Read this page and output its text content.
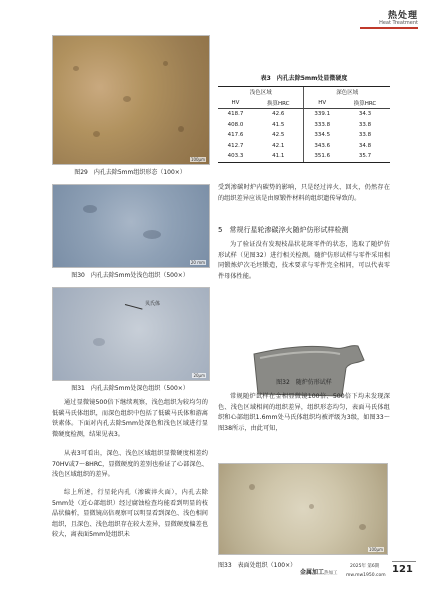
热处理
Heat Treatment
100μm
图29　内孔去除5mm组织形态（100×）
20 mm
图30　内孔去除5mm处浅色组织（500×）
贝氏体
20μm
图31　内孔去除5mm处深色组织（500×）
通过显微镜500倍下继续观察，浅色组织为较均匀的低碳马氏体组织，而深色组织中包括了低碳马氏体和游离铁素体。下面对内孔去除5mm处深色和浅色区域进行显微硬度检测，结果见表3。
从表3可看出，深色、浅色区域组织显微硬度相差约70HV或7～8HRC，显微硬度的差别也验证了心部深色、浅色区域组织的差异。
综上所述，行星轮内孔（渗碳淬火面），内孔去除5mm处（近心部组织）经过腐蚀检查均能看到明显的枝晶状偏析，显微镜高倍观察可以明显看到深色、浅色相间组织，且深色、浅色组织存在较大差异，显微硬度偏差也较大，离表面5mm处组织未
表3　内孔去除5mm处显微硬度
浅色区域		深色区域	
HV	换算HRC	HV	换算HRC
418.7	42.6	339.1	34.3
408.0	41.5	333.8	33.8
417.6	42.5	334.5	33.8
412.7	42.1	343.6	34.8
403.3	41.1	351.6	35.7
受到渗碳时炉内碳势的影响，只是经过淬火、回火，仍然存在的组织差异应该是由原锻件材料的组织遗传导致的。
5　常规行星轮渗碳淬火随炉仿形试样检测
为了验证没有发现枝晶状花斑零件的状态，选取了随炉仿形试样（见图32）进行相关检测。随炉仿形试样与零件采用相同锻炼炉次毛坯锻造，技术要求与零件完全相同，可以代表零件母体性能。
图32　随炉仿形试样
常规随炉试样在金相显微镜100倍、500倍下均未发现深色、浅色区域相间的组织差异，组织形态均匀，表面马氏体组织和心部组织1.6mm处马氏体组织均被评级为3级，如图33～图38所示，由此可知，
100μm
图33　表面处组织（100×）
金属加工热加工
2025年 第6期
mw.mw1950.com
121
